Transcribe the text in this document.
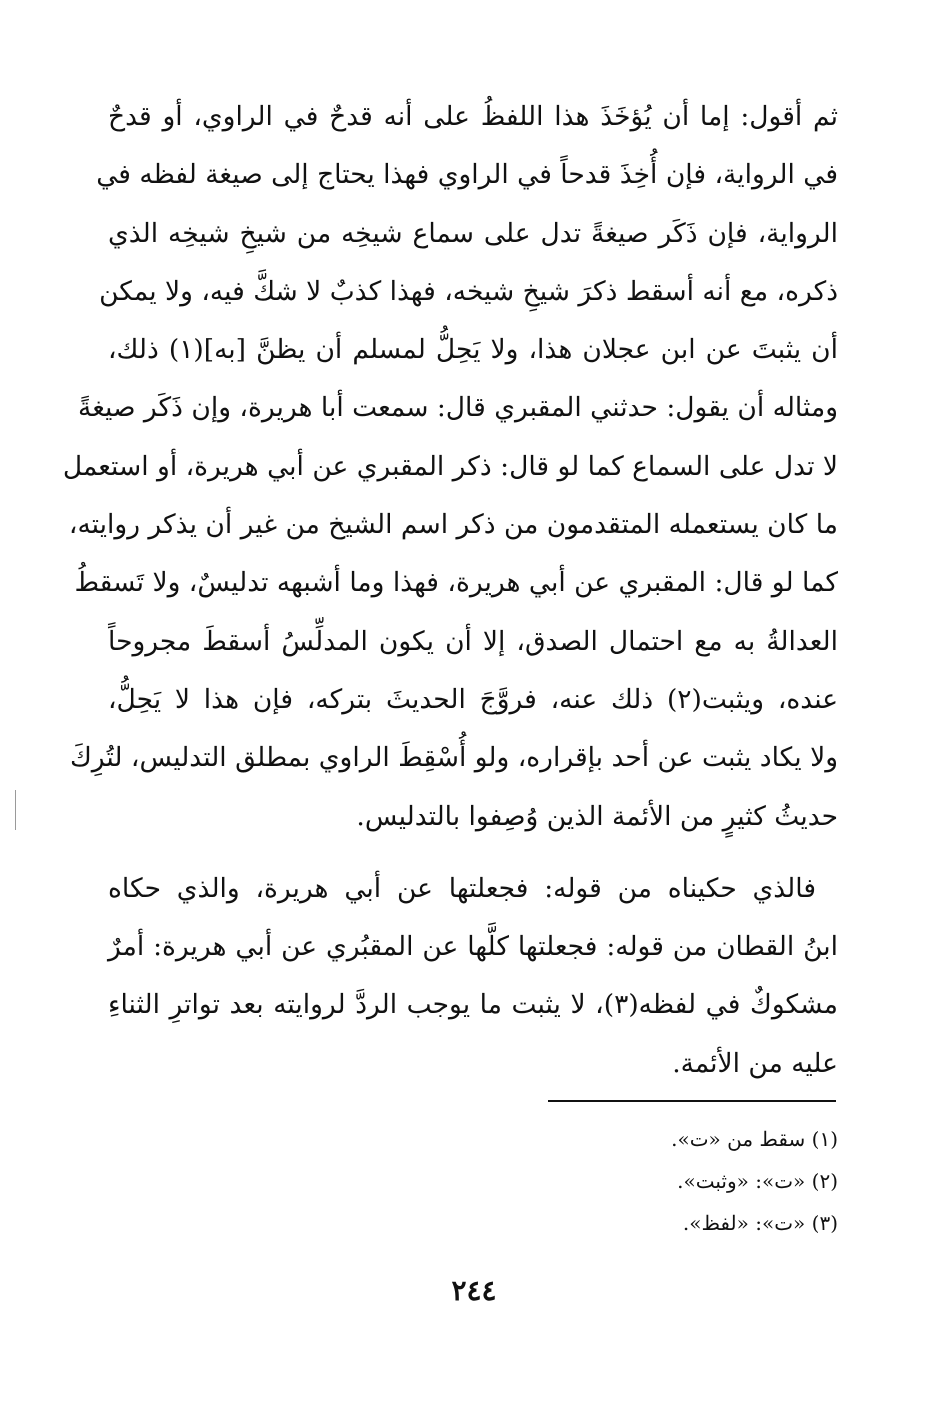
ثم أقول: إما أن يُؤخَذَ هذا اللفظُ على أنه قدحٌ في الراوي، أو قدحٌ
في الرواية، فإن أُخِذَ قدحاً في الراوي فهذا يحتاج إلى صيغة لفظه في
الرواية، فإن ذَكَر صيغةً تدل على سماع شيخِه من شيخِ شيخِه الذي
ذكره، مع أنه أسقط ذكرَ شيخِ شيخه، فهذا كذبٌ لا شكَّ فيه، ولا يمكن
أن يثبتَ عن ابن عجلان هذا، ولا يَحِلُّ لمسلم أن يظنَّ [به](١) ذلك،
ومثاله أن يقول: حدثني المقبري قال: سمعت أبا هريرة، وإن ذَكَر صيغةً
لا تدل على السماع كما لو قال: ذكر المقبري عن أبي هريرة، أو استعمل
ما كان يستعمله المتقدمون من ذكر اسم الشيخ من غير أن يذكر روايته،
كما لو قال: المقبري عن أبي هريرة، فهذا وما أشبهه تدليسٌ، ولا تَسقطُ
العدالةُ به مع احتمال الصدق، إلا أن يكون المدلِّسُ أسقطَ مجروحاً
عنده، ويثبت(٢) ذلك عنه، فروَّجَ الحديثَ بتركه، فإن هذا لا يَحِلُّ،
ولا يكاد يثبت عن أحد بإقراره، ولو أُسْقِطَ الراوي بمطلق التدليس، لتُرِكَ
حديثُ كثيرٍ من الأئمة الذين وُصِفوا بالتدليس.
فالذي حكيناه من قوله: فجعلتها عن أبي هريرة، والذي حكاه
ابنُ القطان من قوله: فجعلتها كلَّها عن المقبُري عن أبي هريرة: أمرٌ
مشكوكٌ في لفظه(٣)، لا يثبت ما يوجب الردَّ لروايته بعد تواترِ الثناءِ
عليه من الأئمة.
(١) سقط من «ت».
(٢) «ت»: «وثبت».
(٣) «ت»: «لفظ».
٢٤٤
